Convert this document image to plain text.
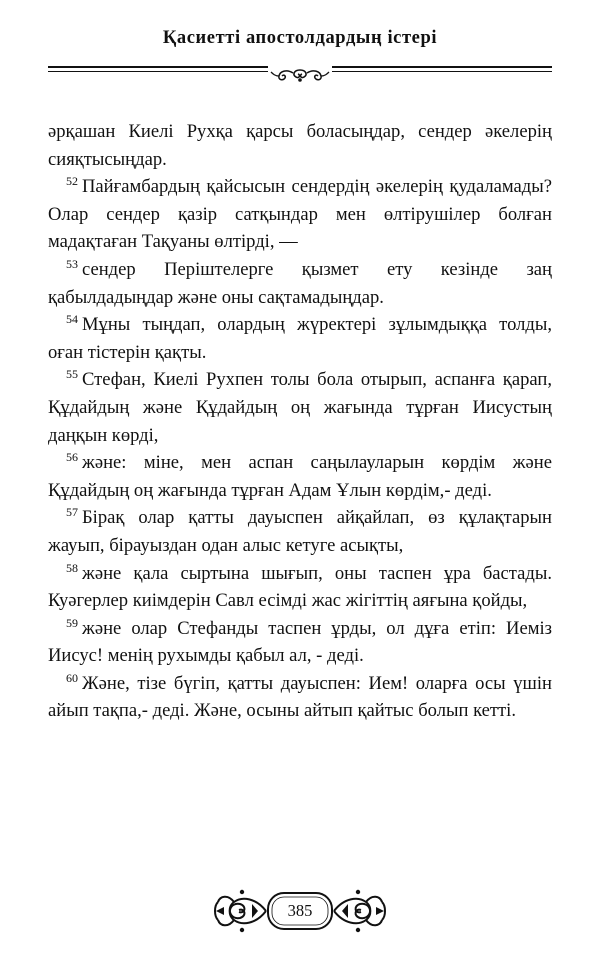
Қасиетті апостолдардың істері

әрқашан Киелі Рухқа қарсы боласыңдар, сендер әкелерің сияқтысыңдар.

$^{52}$ Пайғамбардың қайсысын сендердің әкелерің қудаламады? Олар сендер қазір сатқындар мен өлтірушілер болған мадақтаған Тақуаны өлтірді, —

$^{53}$ сендер Періштелерге қызмет ету кезінде заң қабылдадыңдар және оны сақтамадыңдар.

$^{54}$ Мұны тыңдап, олардың жүректері зұлымдыққа толды, оған тістерін қақты.

$^{55}$ Стефан, Киелі Рухпен толы бола отырып, аспанға қарап, Құдайдың және Құдайдың оң жағында тұрған Иисустың даңқын көрді,

$^{56}$ және: міне, мен аспан саңылауларын көрдім және Құдайдың оң жағында тұрған Адам Ұлын көрдім,- деді.

$^{57}$ Бірақ олар қатты дауыспен айқайлап, өз құлақтарын жауып, бірауыздан одан алыс кетуге асықты,

$^{58}$ және қала сыртына шығып, оны таспен ұра бастады. Куәгерлер киімдерін Савл есімді жас жігіттің аяғына қойды,

$^{59}$ және олар Стефанды таспен ұрды, ол дұға етіп: Иеміз Иисус! менің рухымды қабыл ал, - деді.

$^{60}$ Және, тізе бүгіп, қатты дауыспен: Ием! оларға осы үшін айып тақпа,- деді. Және, осыны айтып қайтыс болып кетті.

385
